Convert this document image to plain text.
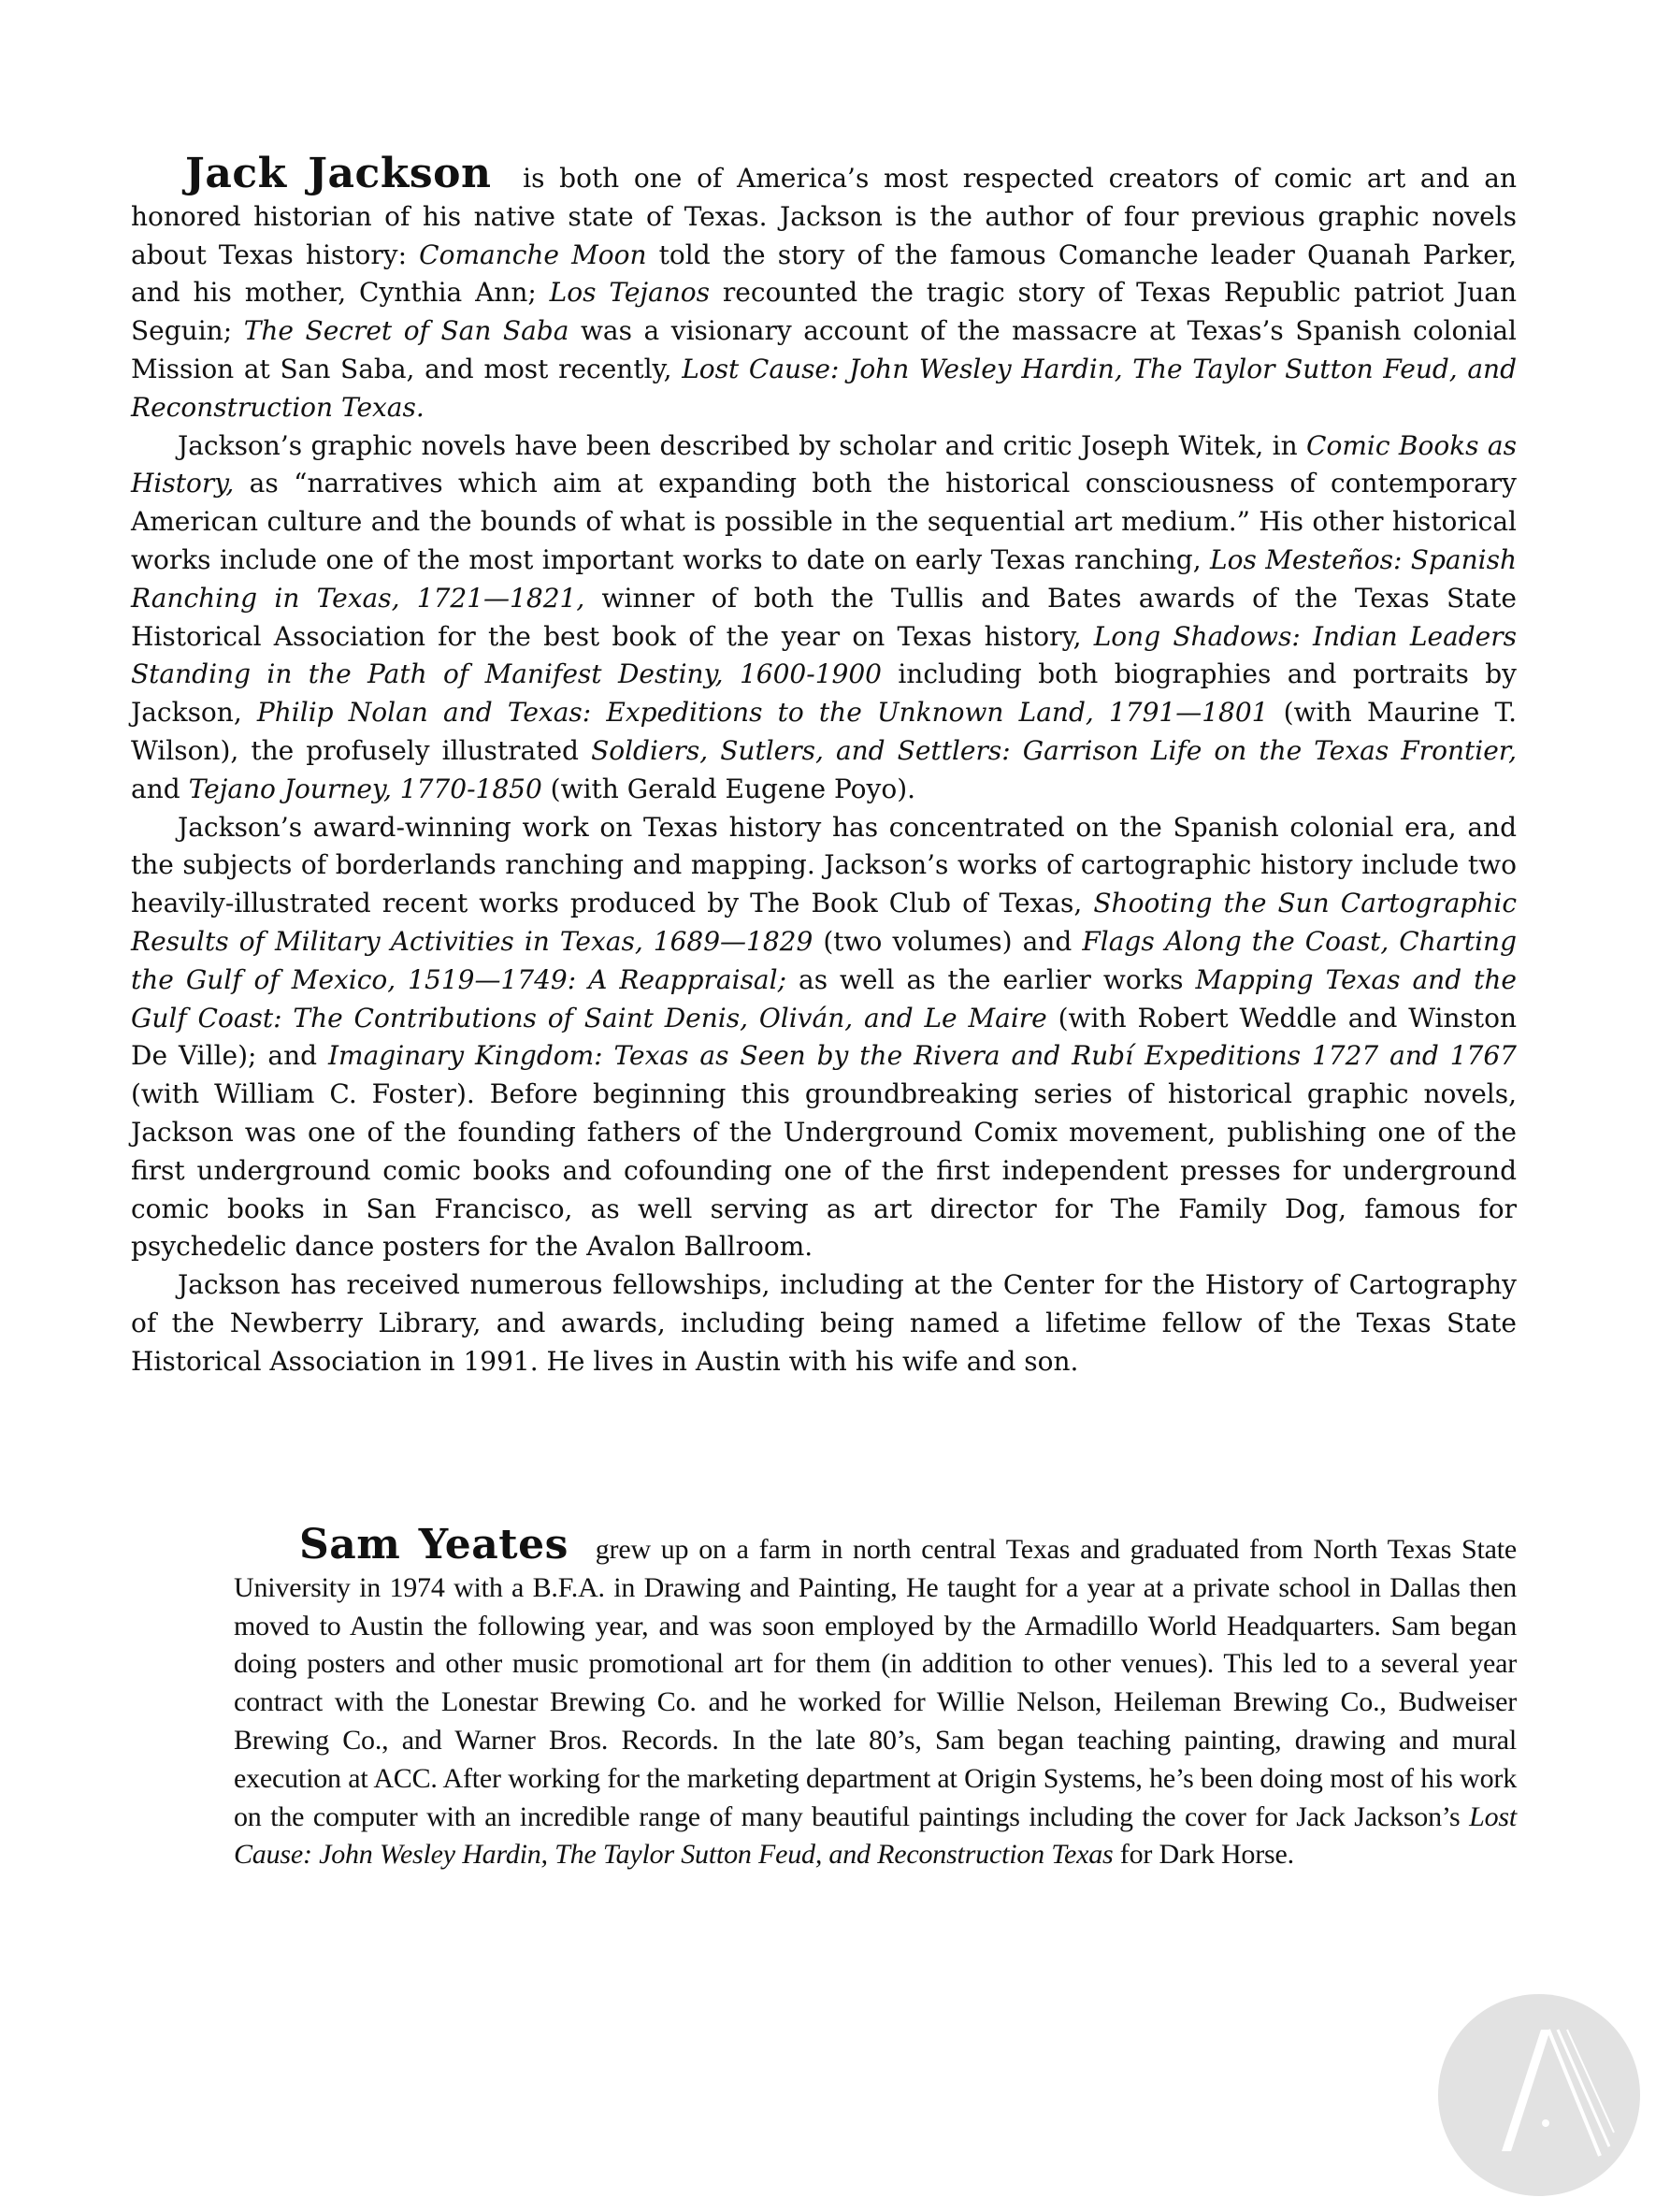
Jack Jackson is both one of America’s most respected creators of comic art and an honored historian of his native state of Texas. Jackson is the author of four previous graphic novels about Texas history: Comanche Moon told the story of the famous Comanche leader Quanah Parker, and his mother, Cynthia Ann; Los Tejanos recounted the tragic story of Texas Republic patriot Juan Seguin; The Secret of San Saba was a visionary account of the massacre at Texas’s Spanish colonial Mission at San Saba, and most recently, Lost Cause: John Wesley Hardin, The Taylor Sutton Feud, and Reconstruction Texas.

Jackson’s graphic novels have been described by scholar and critic Joseph Witek, in Comic Books as History, as “narratives which aim at expanding both the historical consciousness of contemporary American culture and the bounds of what is possible in the sequential art medium.” His other historical works include one of the most important works to date on early Texas ranching, Los Mesteños: Spanish Ranching in Texas, 1721—1821, winner of both the Tullis and Bates awards of the Texas State Historical Association for the best book of the year on Texas history, Long Shadows: Indian Leaders Standing in the Path of Manifest Destiny, 1600-1900 including both biographies and portraits by Jackson, Philip Nolan and Texas: Expeditions to the Unknown Land, 1791—1801 (with Maurine T. Wilson), the profusely illustrated Soldiers, Sutlers, and Settlers: Garrison Life on the Texas Frontier, and Tejano Journey, 1770-1850 (with Gerald Eugene Poyo).

Jackson’s award-winning work on Texas history has concentrated on the Spanish colonial era, and the subjects of borderlands ranching and mapping. Jackson’s works of cartographic history include two heavily-illustrated recent works produced by The Book Club of Texas, Shooting the Sun Cartographic Results of Military Activities in Texas, 1689—1829 (two volumes) and Flags Along the Coast, Charting the Gulf of Mexico, 1519—1749: A Reappraisal; as well as the earlier works Mapping Texas and the Gulf Coast: The Contributions of Saint Denis, Oliván, and Le Maire (with Robert Weddle and Winston De Ville); and Imaginary Kingdom: Texas as Seen by the Rivera and Rubí Expeditions 1727 and 1767 (with William C. Foster). Before beginning this groundbreaking series of historical graphic novels, Jackson was one of the founding fathers of the Underground Comix movement, publishing one of the first underground comic books and cofounding one of the first independent presses for underground comic books in San Francisco, as well serving as art director for The Family Dog, famous for psychedelic dance posters for the Avalon Ballroom.

Jackson has received numerous fellowships, including at the Center for the History of Cartography of the Newberry Library, and awards, including being named a lifetime fellow of the Texas State Historical Association in 1991. He lives in Austin with his wife and son.

Sam Yeates grew up on a farm in north central Texas and graduated from North Texas State University in 1974 with a B.F.A. in Drawing and Painting, He taught for a year at a private school in Dallas then moved to Austin the following year, and was soon employed by the Armadillo World Headquarters. Sam began doing posters and other music promotional art for them (in addition to other venues). This led to a several year contract with the Lonestar Brewing Co. and he worked for Willie Nelson, Heileman Brewing Co., Budweiser Brewing Co., and Warner Bros. Records. In the late 80’s, Sam began teaching painting, drawing and mural execution at ACC. After working for the marketing department at Origin Systems, he’s been doing most of his work on the computer with an incredible range of many beautiful paintings including the cover for Jack Jackson’s Lost Cause: John Wesley Hardin, The Taylor Sutton Feud, and Reconstruction Texas for Dark Horse.
